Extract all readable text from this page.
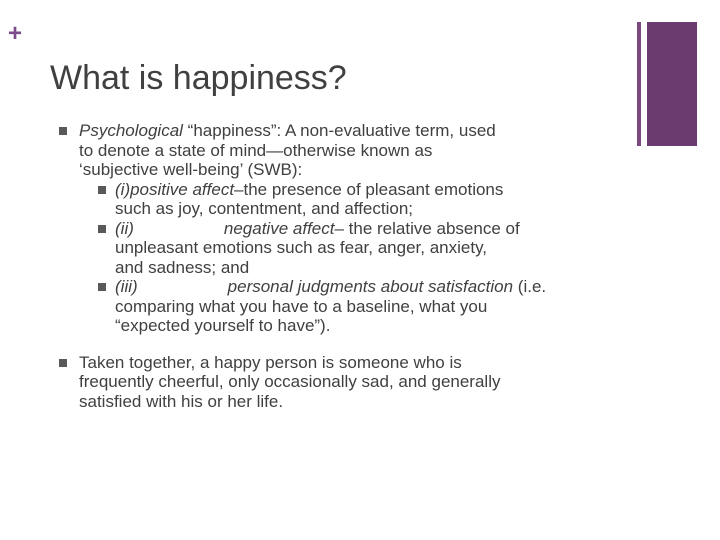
+
What is happiness?
Psychological “happiness”: A non-evaluative term, used
to denote a state of mind—otherwise known as
‘subjective well-being’ (SWB):
(i)positive affect–the presence of pleasant emotions
such as joy, contentment, and affection;
(ii)	negative affect– the relative absence of
unpleasant emotions such as fear, anger, anxiety,
and sadness; and
(iii)	personal judgments about satisfaction (i.e.
comparing what you have to a baseline, what you
“expected yourself to have”).
Taken together, a happy person is someone who is
frequently cheerful, only occasionally sad, and generally
satisfied with his or her life.
